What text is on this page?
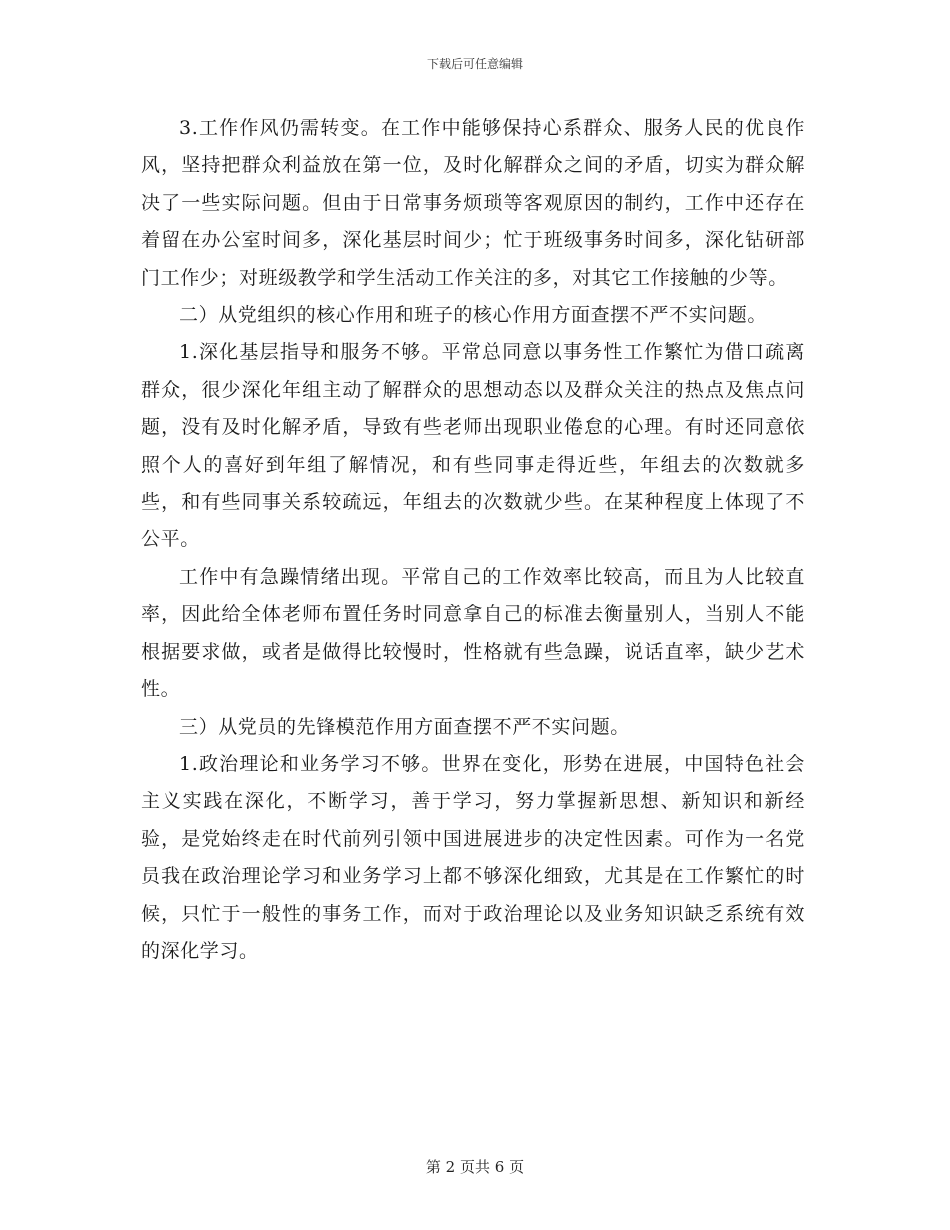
下载后可任意编辑

3.工作作风仍需转变。在工作中能够保持心系群众、服务人民的优良作风，坚持把群众利益放在第一位，及时化解群众之间的矛盾，切实为群众解决了一些实际问题。但由于日常事务烦琐等客观原因的制约，工作中还存在着留在办公室时间多，深化基层时间少；忙于班级事务时间多，深化钻研部门工作少；对班级教学和学生活动工作关注的多，对其它工作接触的少等。

二）从党组织的核心作用和班子的核心作用方面查摆不严不实问题。

1.深化基层指导和服务不够。平常总同意以事务性工作繁忙为借口疏离群众，很少深化年组主动了解群众的思想动态以及群众关注的热点及焦点问题，没有及时化解矛盾，导致有些老师出现职业倦怠的心理。有时还同意依照个人的喜好到年组了解情况，和有些同事走得近些，年组去的次数就多些，和有些同事关系较疏远，年组去的次数就少些。在某种程度上体现了不公平。

工作中有急躁情绪出现。平常自己的工作效率比较高，而且为人比较直率，因此给全体老师布置任务时同意拿自己的标准去衡量别人，当别人不能根据要求做，或者是做得比较慢时，性格就有些急躁，说话直率，缺少艺术性。

三）从党员的先锋模范作用方面查摆不严不实问题。

1.政治理论和业务学习不够。世界在变化，形势在进展，中国特色社会主义实践在深化，不断学习，善于学习，努力掌握新思想、新知识和新经验，是党始终走在时代前列引领中国进展进步的决定性因素。可作为一名党员我在政治理论学习和业务学习上都不够深化细致，尤其是在工作繁忙的时候，只忙于一般性的事务工作，而对于政治理论以及业务知识缺乏系统有效的深化学习。

第 2 页共 6 页
